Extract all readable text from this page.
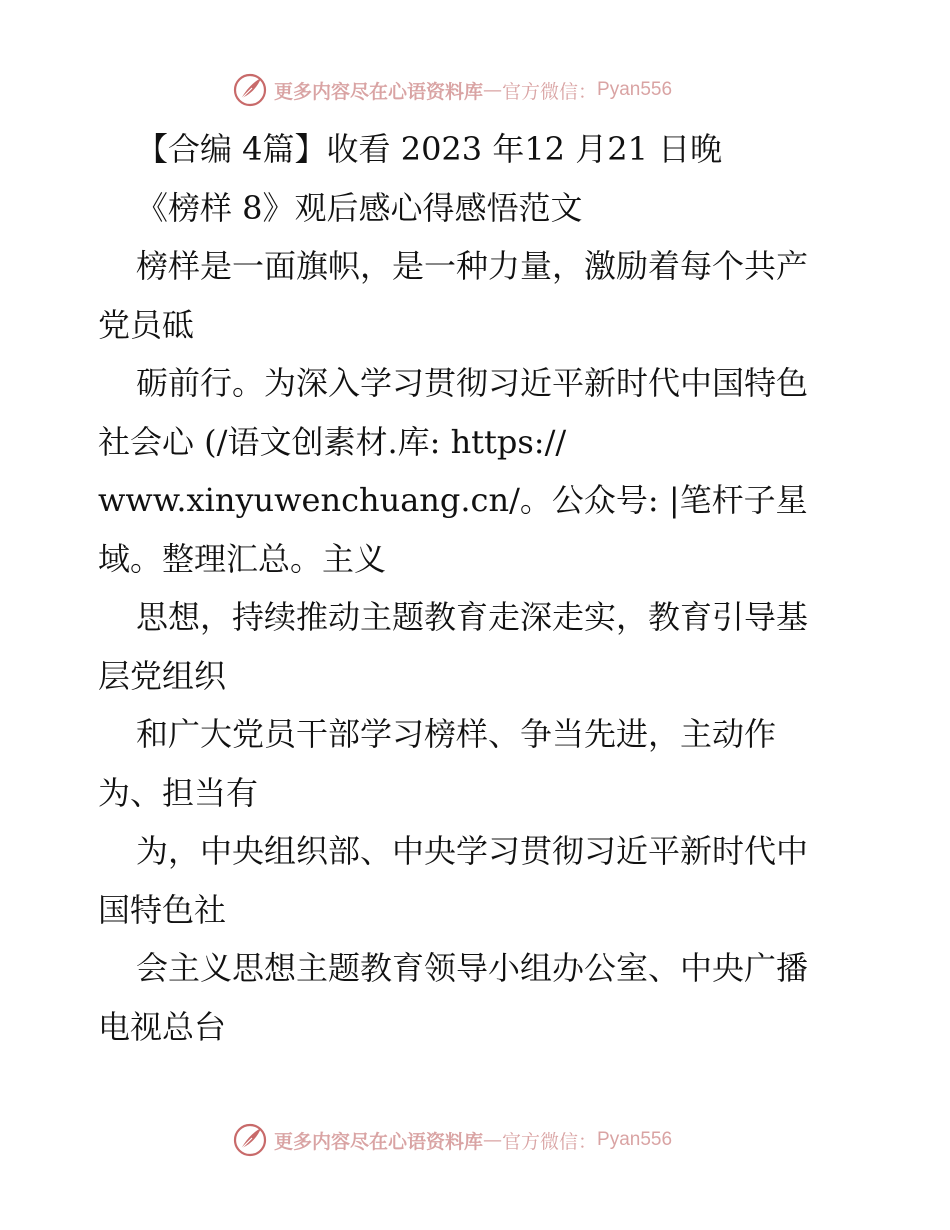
更多内容尽在心语资料库 — 官方微信： Pyan556
【合编 4篇】收看 2023 年12 月21 日晚
《榜样 8》观后感心得感悟范文
榜样是一面旗帜，是一种力量，激励着每个共产
党员砥
砺前行。为深入学习贯彻习近平新时代中国特色
社会心 (/语文创素材.库: https://
www.xinyuwenchuang.cn/。公众号: |笔杆子星
域。整理汇总。主义
思想，持续推动主题教育走深走实，教育引导基
层党组织
和广大党员干部学习榜样、争当先进，主动作
为、担当有
为，中央组织部、中央学习贯彻习近平新时代中
国特色社
会主义思想主题教育领导小组办公室、中央广播
电视总台
更多内容尽在心语资料库 — 官方微信： Pyan556
